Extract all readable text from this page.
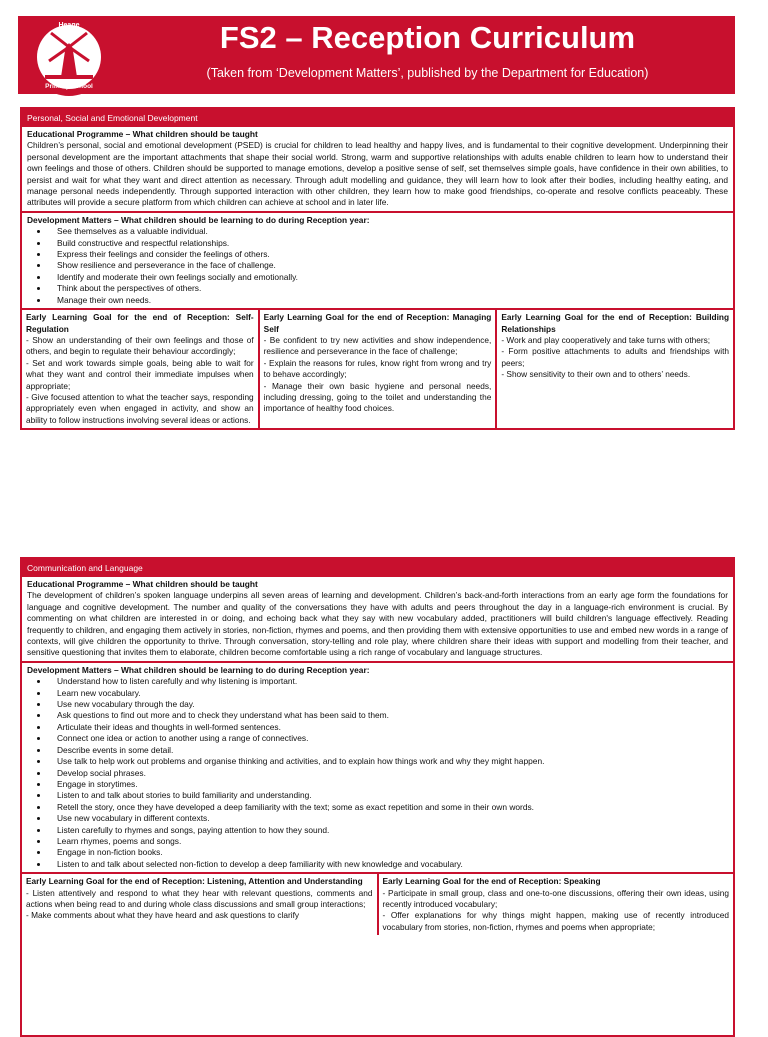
Heage
Primary School
FS2 – Reception Curriculum
(Taken from ‘Development Matters’, published by the Department for Education)
Personal, Social and Emotional Development
Educational Programme – What children should be taught
Children’s personal, social and emotional development (PSED) is crucial for children to lead healthy and happy lives, and is fundamental to their cognitive development. Underpinning their personal development are the important attachments that shape their social world. Strong, warm and supportive relationships with adults enable children to learn how to understand their own feelings and those of others. Children should be supported to manage emotions, develop a positive sense of self, set themselves simple goals, have confidence in their own abilities, to persist and wait for what they want and direct attention as necessary. Through adult modelling and guidance, they will learn how to look after their bodies, including healthy eating, and manage personal needs independently. Through supported interaction with other children, they learn how to make good friendships, co-operate and resolve conflicts peaceably. These attributes will provide a secure platform from which children can achieve at school and in later life.
Development Matters – What children should be learning to do during Reception year:
• See themselves as a valuable individual.
• Build constructive and respectful relationships.
• Express their feelings and consider the feelings of others.
• Show resilience and perseverance in the face of challenge.
• Identify and moderate their own feelings socially and emotionally.
• Think about the perspectives of others.
• Manage their own needs.
Early Learning Goal for the end of Reception: Self-Regulation
- Show an understanding of their own feelings and those of others, and begin to regulate their behaviour accordingly;
- Set and work towards simple goals, being able to wait for what they want and control their immediate impulses when appropriate;
- Give focused attention to what the teacher says, responding appropriately even when engaged in activity, and show an ability to follow instructions involving several ideas or actions.
Early Learning Goal for the end of Reception: Managing Self
- Be confident to try new activities and show independence, resilience and perseverance in the face of challenge;
- Explain the reasons for rules, know right from wrong and try to behave accordingly;
- Manage their own basic hygiene and personal needs, including dressing, going to the toilet and understanding the importance of healthy food choices.
Early Learning Goal for the end of Reception: Building Relationships
- Work and play cooperatively and take turns with others;
- Form positive attachments to adults and friendships with peers;
- Show sensitivity to their own and to others’ needs.
Communication and Language
Educational Programme – What children should be taught
The development of children’s spoken language underpins all seven areas of learning and development. Children’s back-and-forth interactions from an early age form the foundations for language and cognitive development. The number and quality of the conversations they have with adults and peers throughout the day in a language-rich environment is crucial. By commenting on what children are interested in or doing, and echoing back what they say with new vocabulary added, practitioners will build children's language effectively. Reading frequently to children, and engaging them actively in stories, non-fiction, rhymes and poems, and then providing them with extensive opportunities to use and embed new words in a range of contexts, will give children the opportunity to thrive. Through conversation, story-telling and role play, where children share their ideas with support and modelling from their teacher, and sensitive questioning that invites them to elaborate, children become comfortable using a rich range of vocabulary and language structures.
Development Matters – What children should be learning to do during Reception year:
• Understand how to listen carefully and why listening is important.
• Learn new vocabulary.
• Use new vocabulary through the day.
• Ask questions to find out more and to check they understand what has been said to them.
• Articulate their ideas and thoughts in well-formed sentences.
• Connect one idea or action to another using a range of connectives.
• Describe events in some detail.
• Use talk to help work out problems and organise thinking and activities, and to explain how things work and why they might happen.
• Develop social phrases.
• Engage in storytimes.
• Listen to and talk about stories to build familiarity and understanding.
• Retell the story, once they have developed a deep familiarity with the text; some as exact repetition and some in their own words.
• Use new vocabulary in different contexts.
• Listen carefully to rhymes and songs, paying attention to how they sound.
• Learn rhymes, poems and songs.
• Engage in non-fiction books.
• Listen to and talk about selected non-fiction to develop a deep familiarity with new knowledge and vocabulary.
Early Learning Goal for the end of Reception: Listening, Attention and Understanding
- Listen attentively and respond to what they hear with relevant questions, comments and actions when being read to and during whole class discussions and small group interactions;
- Make comments about what they have heard and ask questions to clarify
Early Learning Goal for the end of Reception: Speaking
- Participate in small group, class and one-to-one discussions, offering their own ideas, using recently introduced vocabulary;
- Offer explanations for why things might happen, making use of recently introduced vocabulary from stories, non-fiction, rhymes and poems when appropriate;
